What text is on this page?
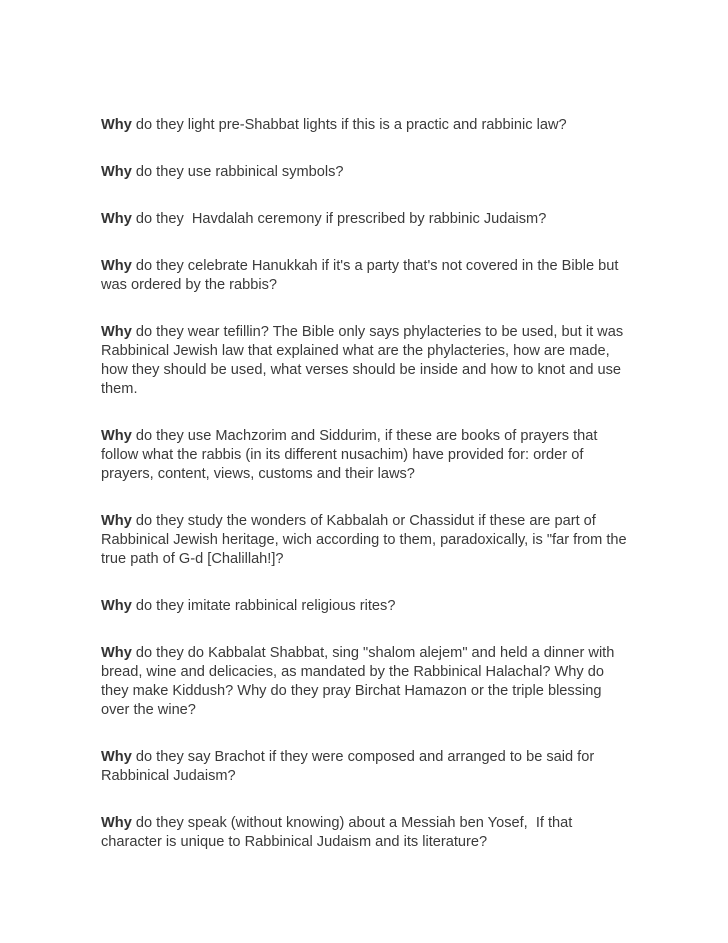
Why do they light pre-Shabbat lights if this is a practic and rabbinic law?

Why do they use rabbinical symbols?

Why do they  Havdalah ceremony if prescribed by rabbinic Judaism?

Why do they celebrate Hanukkah if it's a party that's not covered in the Bible but was ordered by the rabbis?

Why do they wear tefillin? The Bible only says phylacteries to be used, but it was Rabbinical Jewish law that explained what are the phylacteries, how are made, how they should be used, what verses should be inside and how to knot and use them.

Why do they use Machzorim and Siddurim, if these are books of prayers that follow what the rabbis (in its different nusachim) have provided for: order of prayers, content, views, customs and their laws?

Why do they study the wonders of Kabbalah or Chassidut if these are part of Rabbinical Jewish heritage, wich according to them, paradoxically, is "far from the true path of G-d [Chalillah!]?

Why do they imitate rabbinical religious rites?

Why do they do Kabbalat Shabbat, sing "shalom alejem" and held a dinner with bread, wine and delicacies, as mandated by the Rabbinical Halachal? Why do they make Kiddush? Why do they pray Birchat Hamazon or the triple blessing over the wine?

Why do they say Brachot if they were composed and arranged to be said for Rabbinical Judaism?

Why do they speak (without knowing) about a Messiah ben Yosef,  If that character is unique to Rabbinical Judaism and its literature?
